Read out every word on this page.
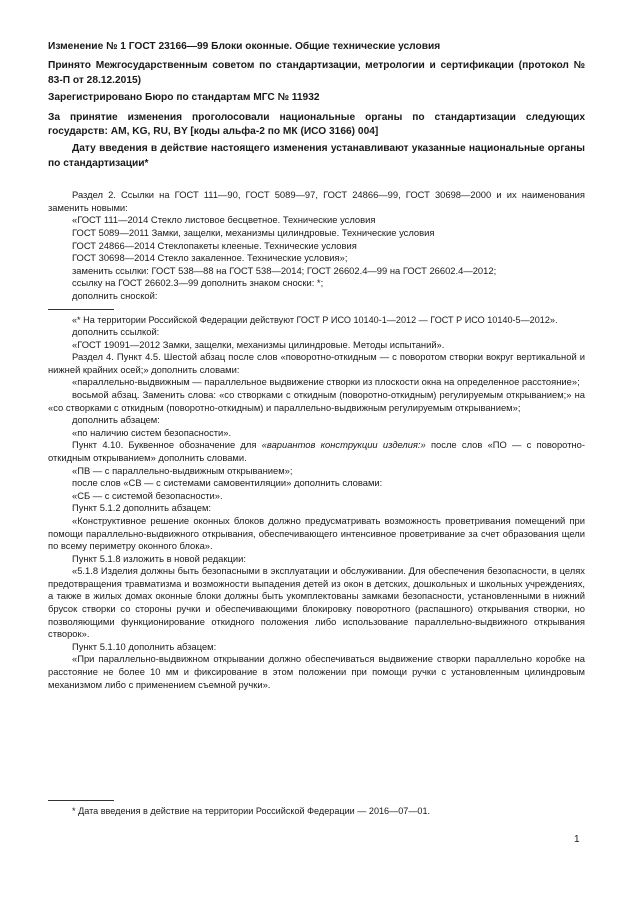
Изменение № 1 ГОСТ 23166—99 Блоки оконные. Общие технические условия

Принято Межгосударственным советом по стандартизации, метрологии и сертификации (протокол № 83-П от 28.12.2015)

Зарегистрировано Бюро по стандартам МГС № 11932

За принятие изменения проголосовали национальные органы по стандартизации следующих государств: AM, KG, RU, BY [коды альфа-2 по МК (ИСО 3166) 004]

Дату введения в действие настоящего изменения устанавливают указанные национальные органы по стандартизации*

Раздел 2. Ссылки на ГОСТ 111—90, ГОСТ 5089—97, ГОСТ 24866—99, ГОСТ 30698—2000 и их наименования заменить новыми:

«ГОСТ 111—2014 Стекло листовое бесцветное. Технические условия

ГОСТ 5089—2011 Замки, защелки, механизмы цилиндровые. Технические условия

ГОСТ 24866—2014 Стеклопакеты клееные. Технические условия

ГОСТ 30698—2014 Стекло закаленное. Технические условия»;

заменить ссылки: ГОСТ 538—88 на ГОСТ 538—2014; ГОСТ 26602.4—99 на ГОСТ 26602.4—2012;

ссылку на ГОСТ 26602.3—99 дополнить знаком сноски: *;

дополнить сноской:

«* На территории Российской Федерации действуют ГОСТ Р ИСО 10140-1—2012 — ГОСТ Р ИСО 10140-5—2012».

дополнить ссылкой:

«ГОСТ 19091—2012 Замки, защелки, механизмы цилиндровые. Методы испытаний».

Раздел 4. Пункт 4.5. Шестой абзац после слов «поворотно-откидным — с поворотом створки вокруг вертикальной и нижней крайних осей;» дополнить словами:

«параллельно-выдвижным — параллельное выдвижение створки из плоскости окна на определенное расстояние»;

восьмой абзац. Заменить слова: «со створками с откидным (поворотно-откидным) регулируемым открыванием;» на «со створками с откидным (поворотно-откидным) и параллельно-выдвижным регулируемым открыванием»;

дополнить абзацем:

«по наличию систем безопасности».

Пункт 4.10. Буквенное обозначение для «вариантов конструкции изделия:» после слов «ПО — с поворотно-откидным открыванием» дополнить словами.

«ПВ — с параллельно-выдвижным открыванием»;

после слов «СВ — с системами самовентиляции» дополнить словами:

«СБ — с системой безопасности».

Пункт 5.1.2 дополнить абзацем:

«Конструктивное решение оконных блоков должно предусматривать возможность проветривания помещений при помощи параллельно-выдвижного открывания, обеспечивающего интенсивное проветривание за счет образования щели по всему периметру оконного блока».

Пункт 5.1.8 изложить в новой редакции:

«5.1.8 Изделия должны быть безопасными в эксплуатации и обслуживании. Для обеспечения безопасности, в целях предотвращения травматизма и возможности выпадения детей из окон в детских, дошкольных и школьных учреждениях, а также в жилых домах оконные блоки должны быть укомплектованы замками безопасности, установленными в нижний брусок створки со стороны ручки и обеспечивающими блокировку поворотного (распашного) открывания створки, но позволяющими функционирование откидного положения либо использование параллельно-выдвижного открывания створок».

Пункт 5.1.10 дополнить абзацем:

«При параллельно-выдвижном открывании должно обеспечиваться выдвижение створки параллельно коробке на расстояние не более 10 мм и фиксирование в этом положении при помощи ручки с установленным цилиндровым механизмом либо с применением съемной ручки».

* Дата введения в действие на территории Российской Федерации — 2016—07—01.

1
